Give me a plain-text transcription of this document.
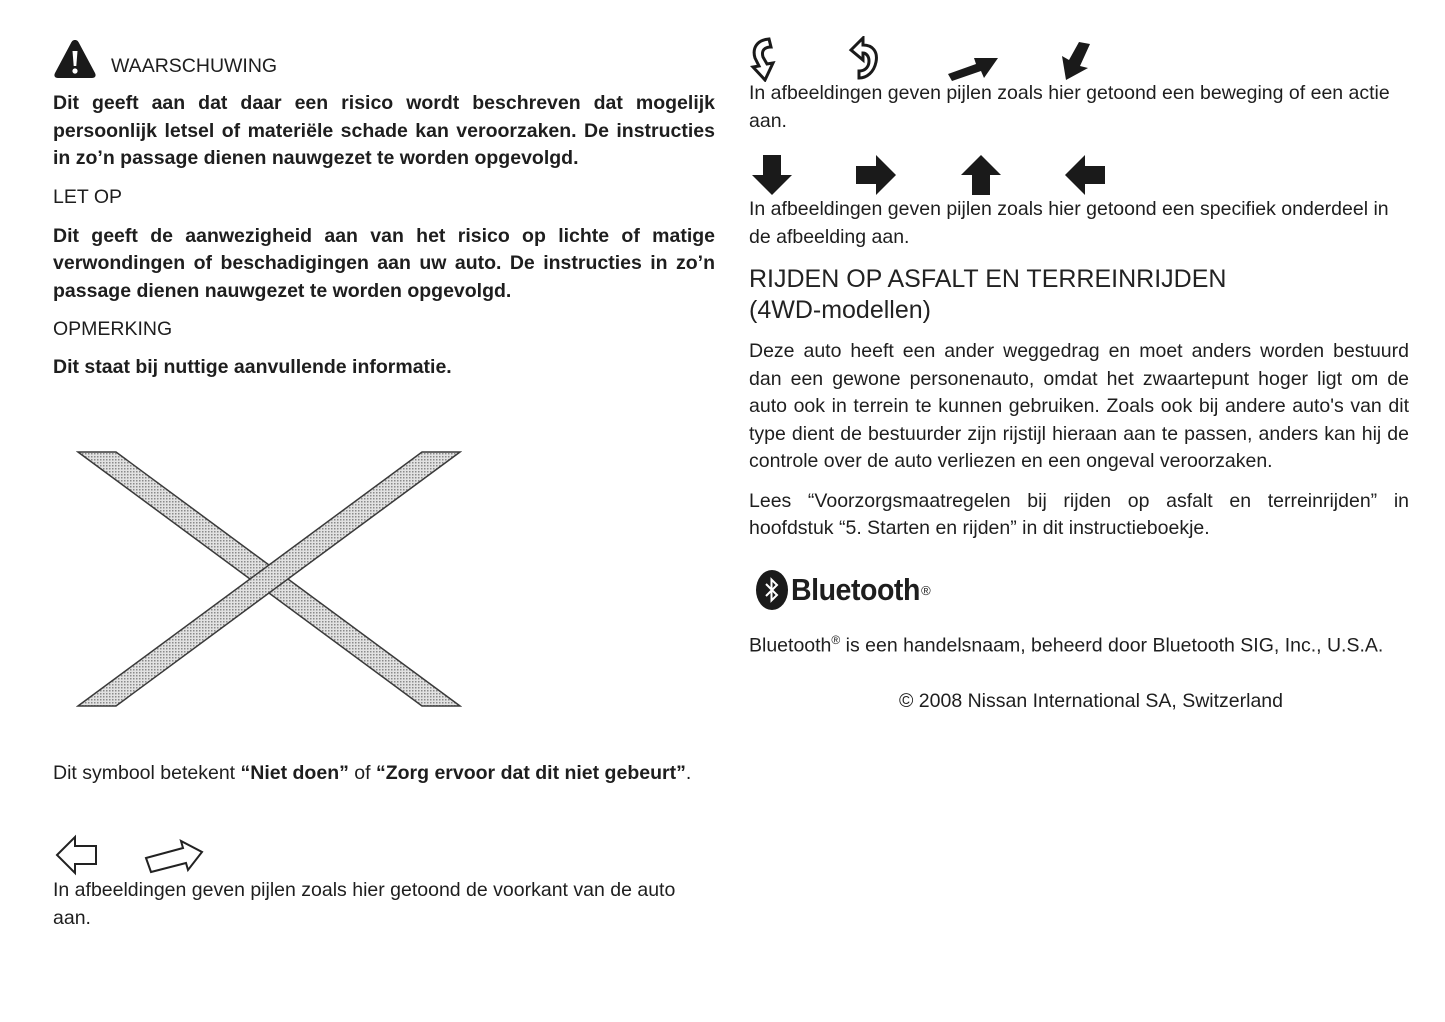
WAARSCHUWING

Dit geeft aan dat daar een risico wordt beschreven dat mogelijk persoonlijk letsel of materiële schade kan veroorzaken. De instructies in zo’n passage dienen nauwgezet te worden opgevolgd.

LET OP

Dit geeft de aanwezigheid aan van het risico op lichte of matige verwondingen of beschadigingen aan uw auto. De instructies in zo’n passage dienen nauwgezet te worden opgevolgd.

OPMERKING

Dit staat bij nuttige aanvullende informatie.

Dit symbool betekent “Niet doen” of “Zorg ervoor dat dit niet gebeurt”.

In afbeeldingen geven pijlen zoals hier getoond de voorkant van de auto aan.

In afbeeldingen geven pijlen zoals hier getoond een beweging of een actie aan.

In afbeeldingen geven pijlen zoals hier getoond een specifiek onderdeel in de afbeelding aan.

RIJDEN OP ASFALT EN TERREINRIJDEN

(4WD-modellen)

Deze auto heeft een ander weggedrag en moet anders worden bestuurd dan een gewone personenauto, omdat het zwaartepunt hoger ligt om de auto ook in terrein te kunnen gebruiken. Zoals ook bij andere auto's van dit type dient de bestuurder zijn rijstijl hieraan aan te passen, anders kan hij de controle over de auto verliezen en een ongeval veroorzaken.

Lees “Voorzorgsmaatregelen bij rijden op asfalt en terreinrijden” in hoofdstuk “5. Starten en rijden” in dit instructieboekje.

Bluetooth ®

Bluetooth® is een handelsnaam, beheerd door Bluetooth SIG, Inc., U.S.A.

© 2008 Nissan International SA, Switzerland
